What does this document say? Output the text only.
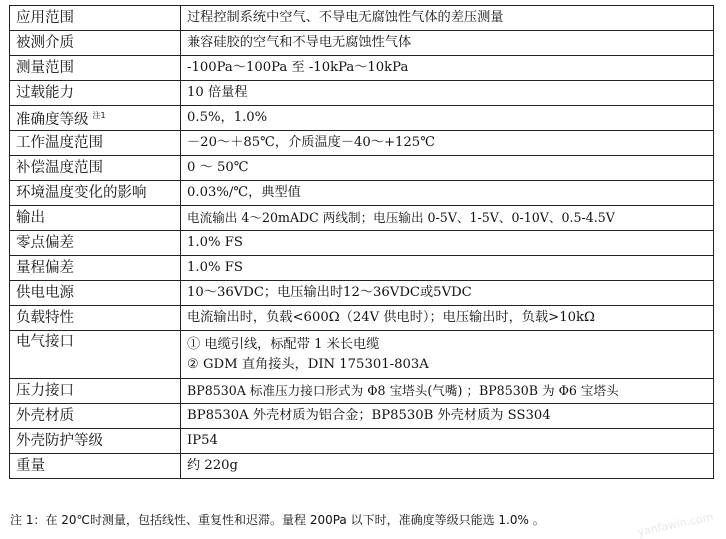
应用范围	过程控制系统中空气、不导电无腐蚀性气体的差压测量
被测介质	兼容硅胶的空气和不导电无腐蚀性气体
测量范围	-100Pa～100Pa 至 -10kPa～10kPa
过载能力	10 倍量程
准确度等级 $^{注1}$	0.5%，1.0%
工作温度范围	－20～＋85℃，介质温度－40～+125℃
补偿温度范围	0 ～ 50℃
环境温度变化的影响	0.03%/℃，典型值
输出	电流输出 4～20mADC 两线制；电压输出 0-5V、1-5V、0-10V、0.5-4.5V
零点偏差	1.0% FS
量程偏差	1.0% FS
供电电源	10～36VDC；电压输出时12～36VDC或5VDC
负载特性	电流输出时，负载<600Ω（24V 供电时）；电压输出时，负载>10kΩ
电气接口	① 电缆引线，标配带 1 米长电缆
② GDM 直角接头，DIN 175301-803A

压力接口	BP8530A 标准压力接口形式为 Φ8 宝塔头(气嘴) ；BP8530B 为 Φ6 宝塔头
外壳材质	BP8530A 外壳材质为铝合金；BP8530B 外壳材质为 SS304
外壳防护等级	IP54
重量	约 220g
注 1：在 20℃时测量，包括线性、重复性和迟滞。量程 200Pa 以下时，准确度等级只能选 1.0% 。	yanfawin.com
